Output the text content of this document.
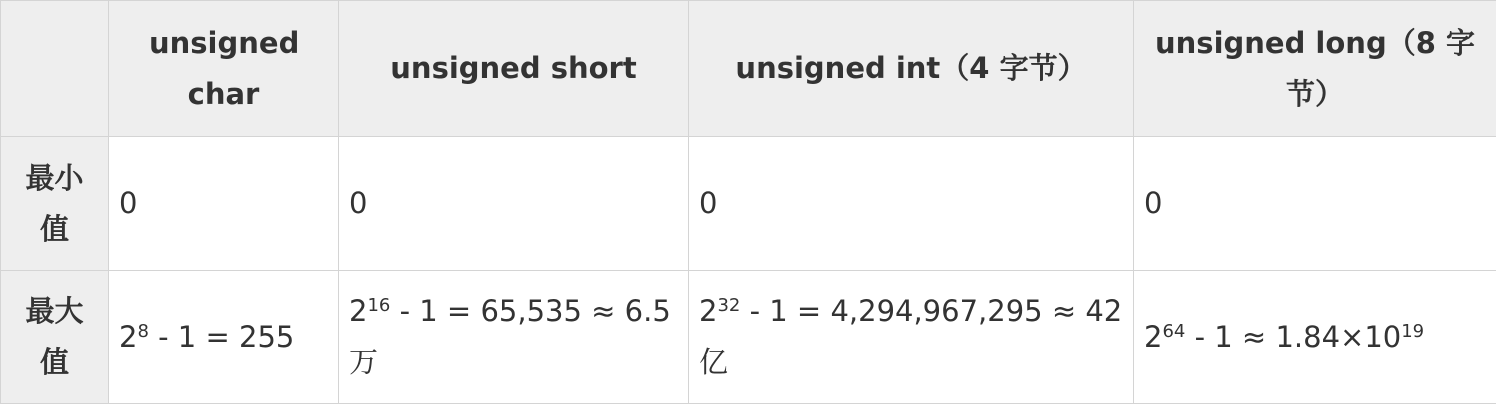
	unsigned char	unsigned short	unsigned int（4 字节）	unsigned long（8 字节）
最小值	0	0	0	0
最大值	$2^8 - 1 = 255$	$2^{16} - 1 = 65,535 \approx 6.5$万	$2^{32} - 1 = 4,294,967,295 \approx 42$亿	$2^{64} - 1 \approx 1.84\times 10^{19}$
